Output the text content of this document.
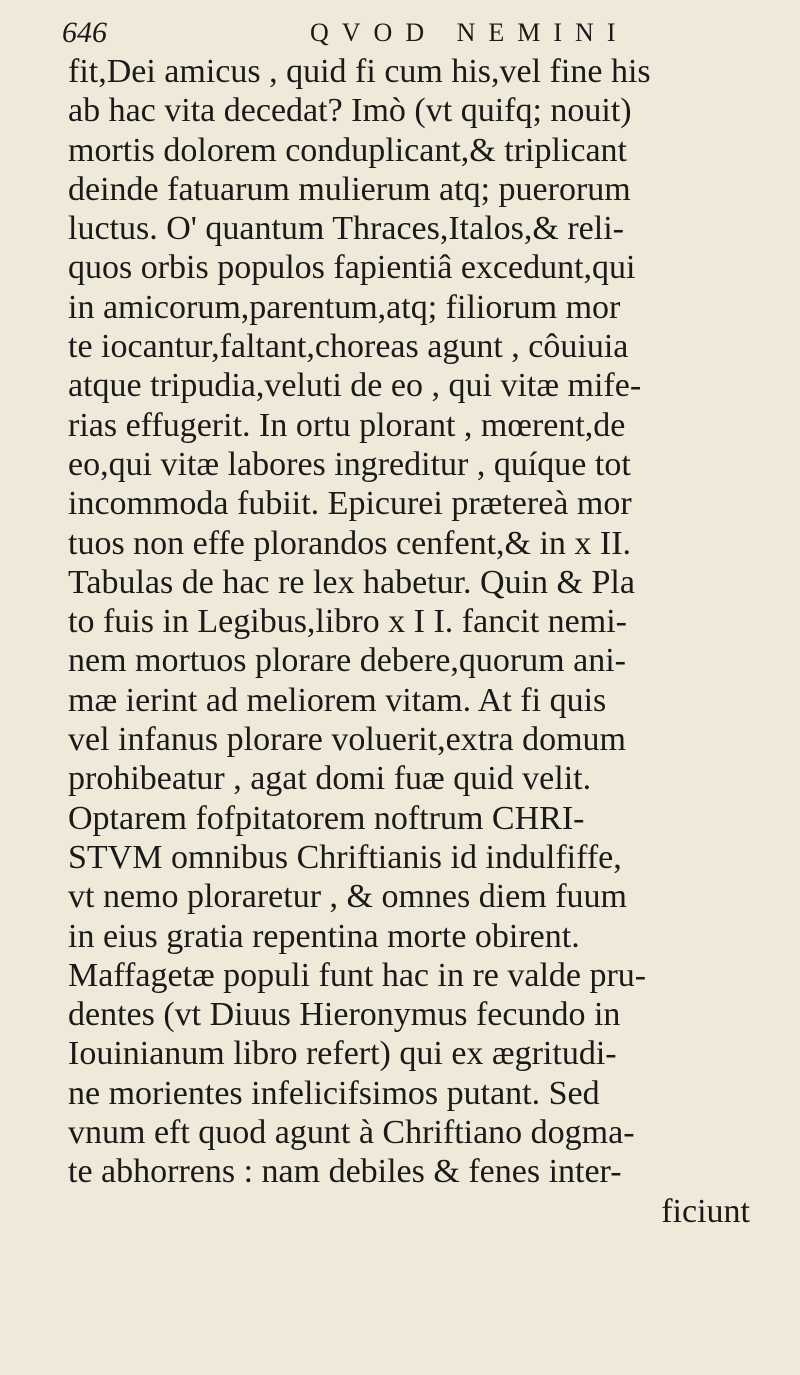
646	QVOD NEMINI
fit,Dei amicus , quid fi cum his,vel fine his
ab hac vita decedat? Imò (vt quifq; nouit)
mortis dolorem conduplicant,& triplicant
deinde fatuarum mulierum atq; puerorum
luctus. O' quantum Thraces,Italos,& reli-
quos orbis populos fapientiâ excedunt,qui
in amicorum,parentum,atq; filiorum mor
te iocantur,faltant,choreas agunt , côuiuia
atque tripudia,veluti de eo , qui vitæ mife-
rias effugerit. In ortu plorant , mœrent,de
eo,qui vitæ labores ingreditur , quíque tot
incommoda fubiit. Epicurei prætereà mor
tuos non effe plorandos cenfent,& in x II.
Tabulas de hac re lex habetur. Quin & Pla
to fuis in Legibus,libro x I I. fancit nemi-
nem mortuos plorare debere,quorum ani-
mæ ierint ad meliorem vitam. At fi quis
vel infanus plorare voluerit,extra domum
prohibeatur , agat domi fuæ quid velit.
Optarem fofpitatorem noftrum CHRI-
STVM omnibus Chriftianis id indulfiffe,
vt nemo ploraretur , & omnes diem fuum
in eius gratia repentina morte obirent.
Maffagetæ populi funt hac in re valde pru-
dentes (vt Diuus Hieronymus fecundo in
Iouinianum libro refert) qui ex ægritudi-
ne morientes infelicifsimos putant. Sed
vnum eft quod agunt à Chriftiano dogma-
te abhorrens : nam debiles & fenes inter-
ficiunt
